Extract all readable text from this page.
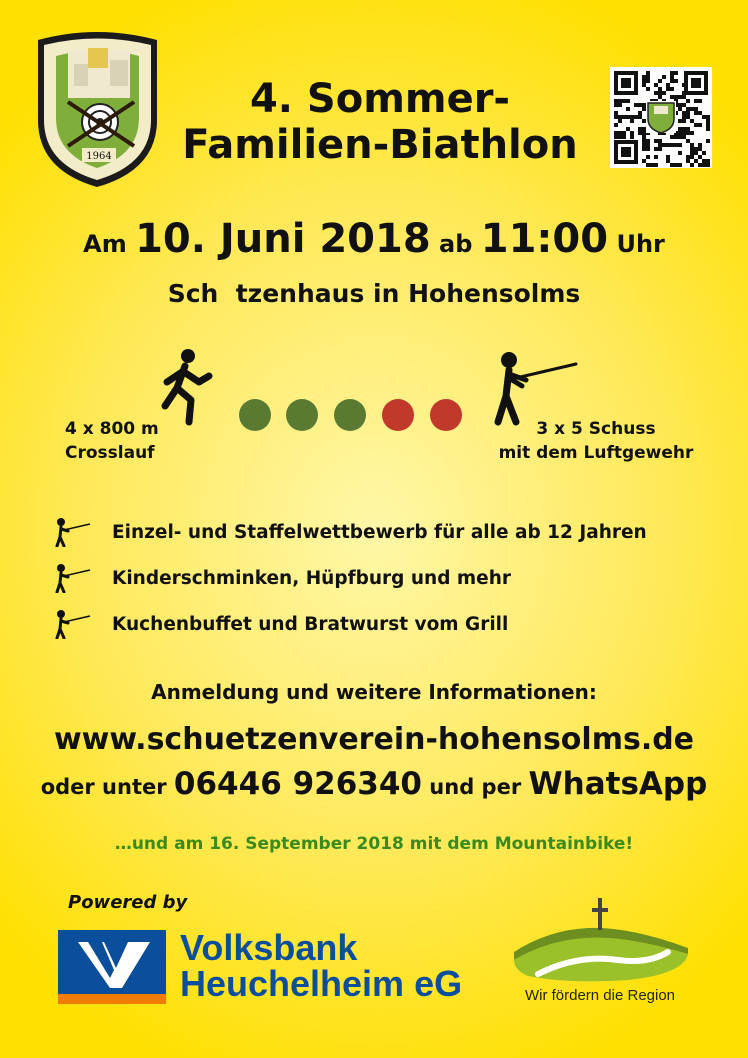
1964
4. Sommer-
Familien-Biathlon
Am 10. Juni 2018 ab 11:00 Uhr
Sch  tzenhaus in Hohensolms
4 x 800 m
Crosslauf
3 x 5 Schuss
mit dem Luftgewehr
Einzel- und Staffelwettbewerb für alle ab 12 Jahren
Kinderschminken, Hüpfburg und mehr
Kuchenbuffet und Bratwurst vom Grill
Anmeldung und weitere Informationen:
www.schuetzenverein-hohensolms.de
oder unter 06446 926340 und per WhatsApp
…und am 16. September 2018 mit dem Mountainbike!
Powered by
Volksbank
Heuchelheim eG	Wir fördern die Region
